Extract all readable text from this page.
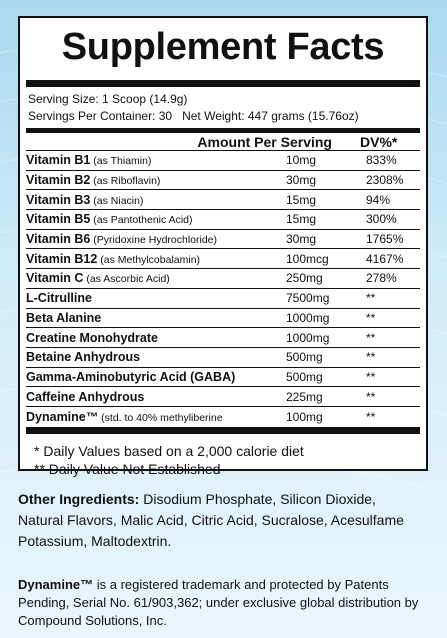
Supplement Facts
Serving Size: 1 Scoop (14.9g)
Servings Per Container: 30   Net Weight: 447 grams (15.76oz)
Amount Per Serving	DV%*
Vitamin B1 (as Thiamin)	10mg	833%
Vitamin B2 (as Riboflavin)	30mg	2308%
Vitamin B3 (as Niacin)	15mg	94%
Vitamin B5 (as Pantothenic Acid)	15mg	300%
Vitamin B6 (Pyridoxine Hydrochloride)	30mg	1765%
Vitamin B12 (as Methylcobalamin)	100mcg	4167%
Vitamin C (as Ascorbic Acid)	250mg	278%
L-Citrulline	7500mg	**
Beta Alanine	1000mg	**
Creatine Monohydrate	1000mg	**
Betaine Anhydrous	500mg	**
Gamma-Aminobutyric Acid (GABA)	500mg	**
Caffeine Anhydrous	225mg	**
Dynamine™ (std. to 40% methyliberine	100mg	**
* Daily Values based on a 2,000 calorie diet
** Daily Value Not Established
Other Ingredients: Disodium Phosphate, Silicon Dioxide, Natural Flavors, Malic Acid, Citric Acid, Sucralose, Acesulfame Potassium, Maltodextrin.
Dynamine™ is a registered trademark and protected by Patents Pending, Serial No. 61/903,362; under exclusive global distribution by Compound Solutions, Inc.
